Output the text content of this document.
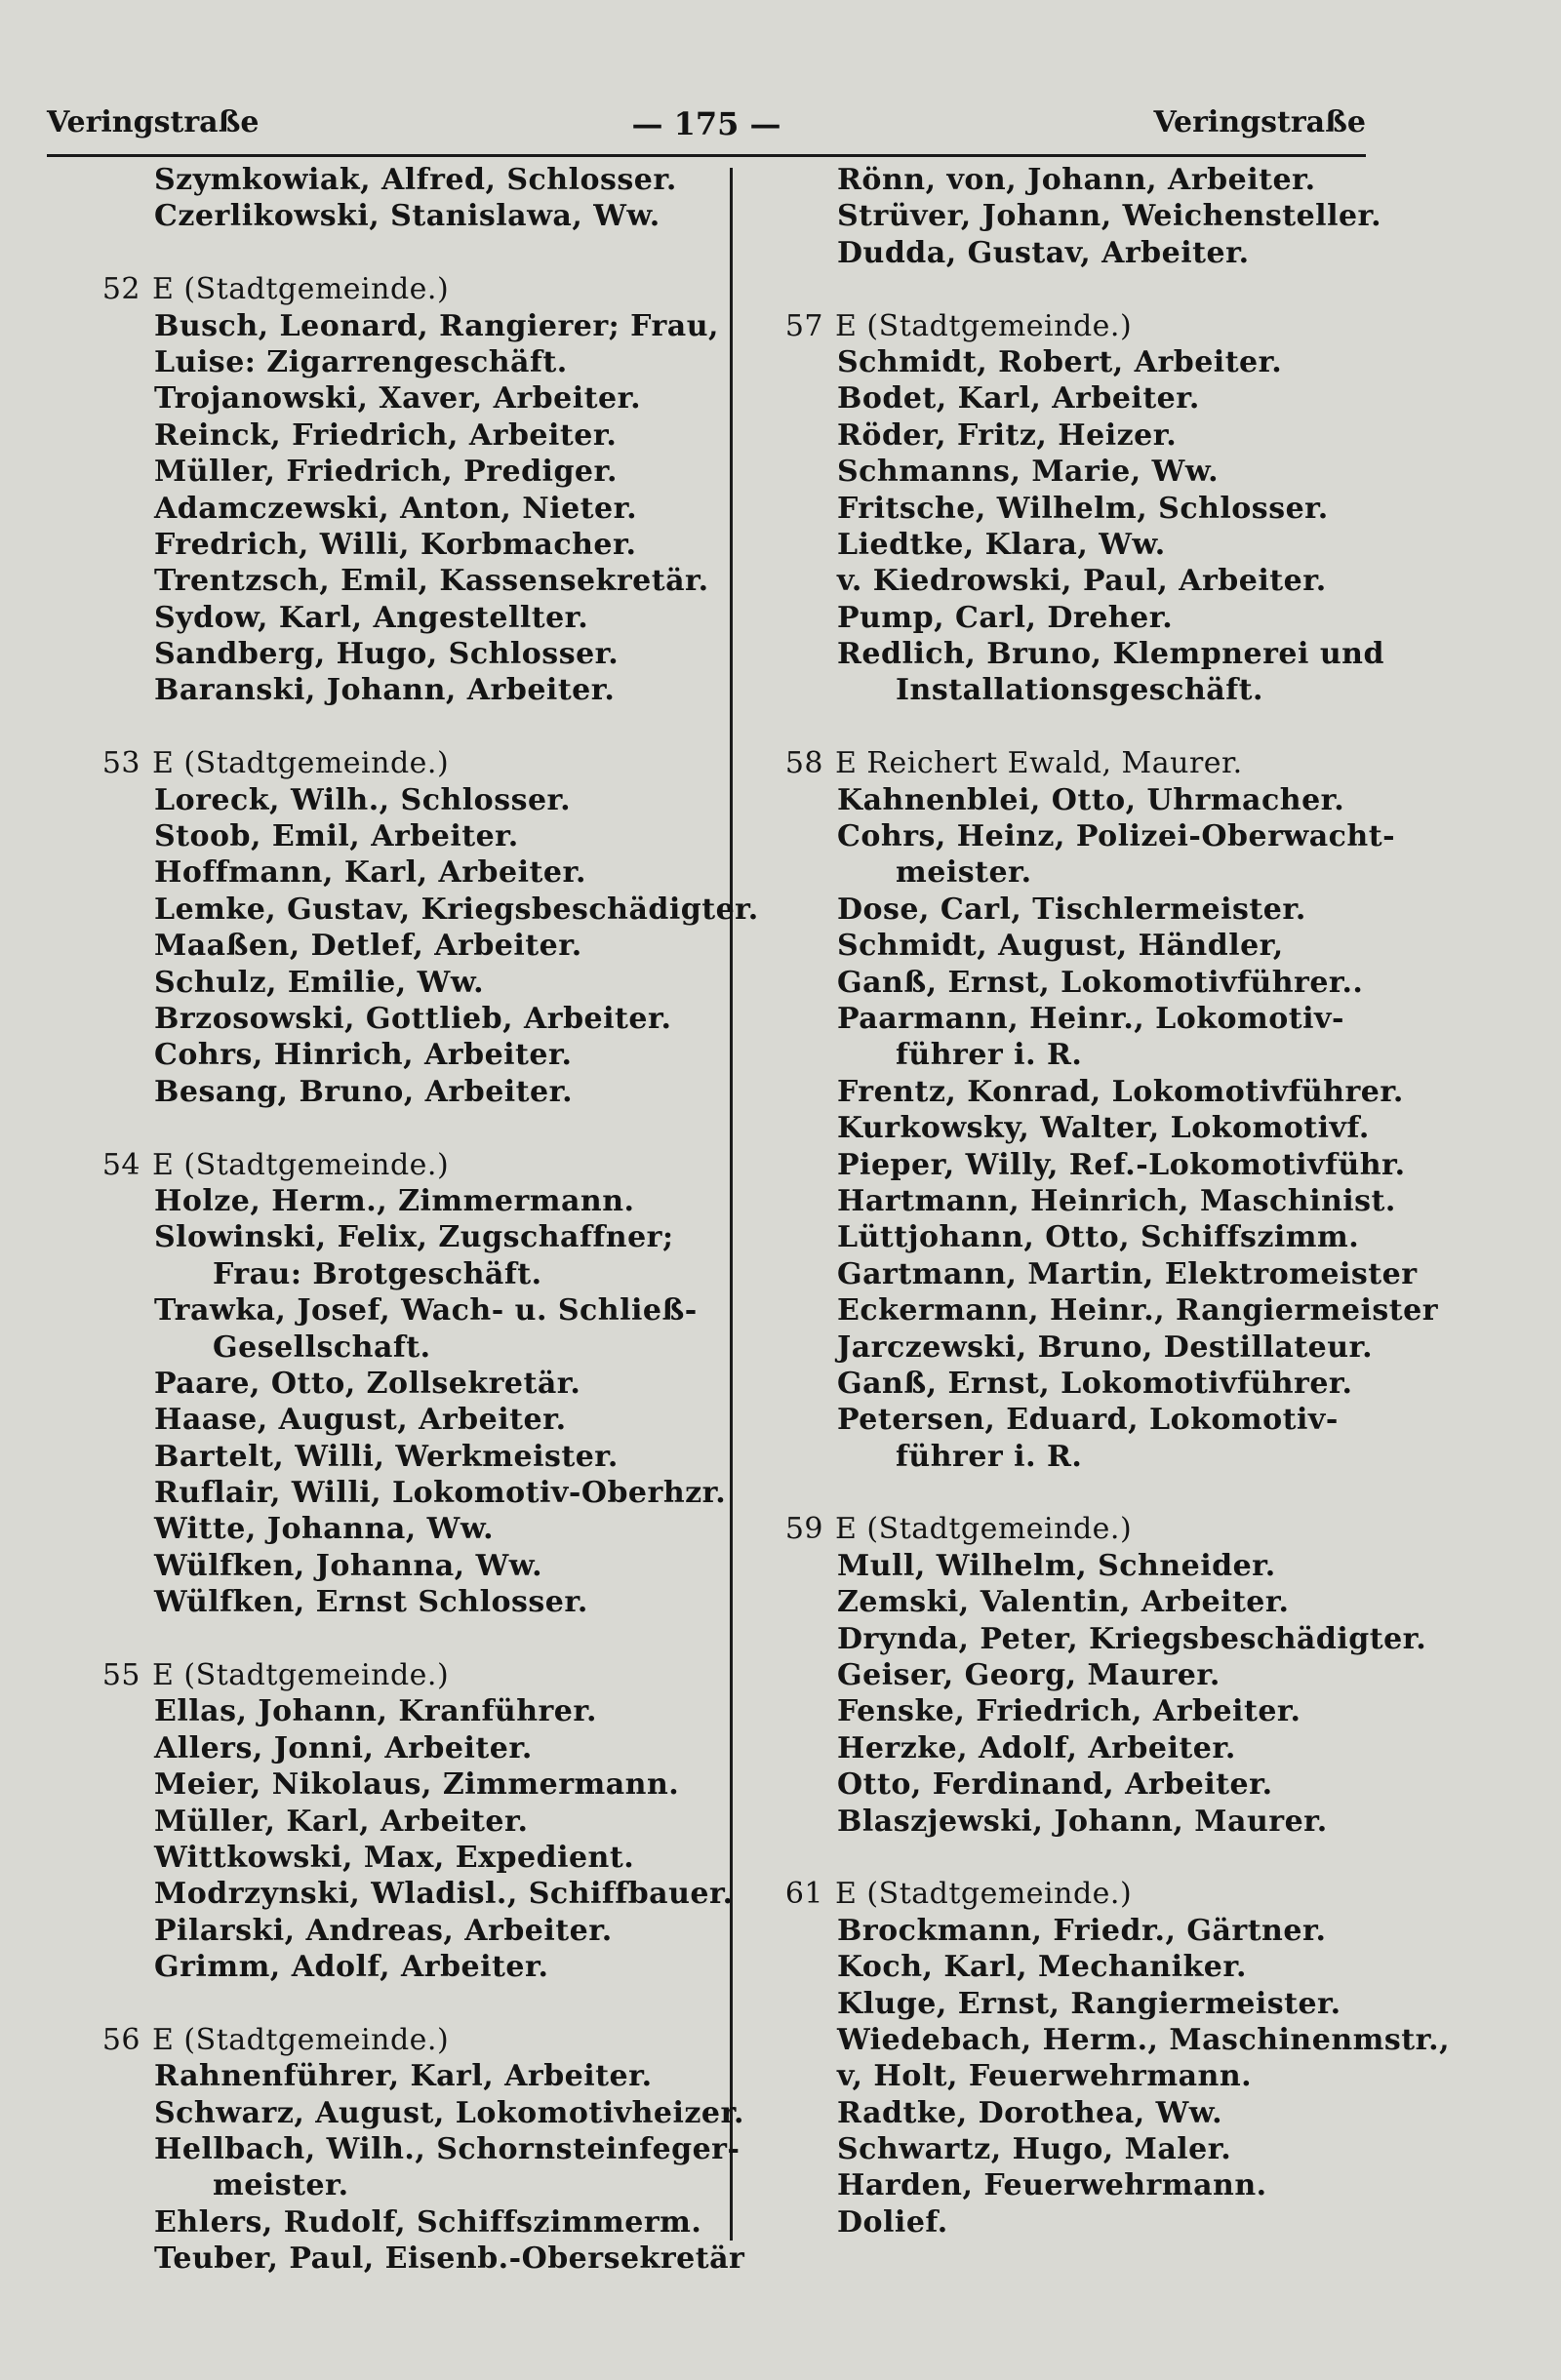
— 175 —
Veringstraße	Veringstraße
Szymkowiak, Alfred, Schlosser.
Czerlikowski, Stanislawa, Ww.
52 E (Stadtgemeinde.)
Busch, Leonard, Rangierer; Frau,
Luise: Zigarrengeschäft.
Trojanowski, Xaver, Arbeiter.
Reinck, Friedrich, Arbeiter.
Müller, Friedrich, Prediger.
Adamczewski, Anton, Nieter.
Fredrich, Willi, Korbmacher.
Trentzsch, Emil, Kassensekretär.
Sydow, Karl, Angestellter.
Sandberg, Hugo, Schlosser.
Baranski, Johann, Arbeiter.
53 E (Stadtgemeinde.)
Loreck, Wilh., Schlosser.
Stoob, Emil, Arbeiter.
Hoffmann, Karl, Arbeiter.
Lemke, Gustav, Kriegsbeschädigter.
Maaßen, Detlef, Arbeiter.
Schulz, Emilie, Ww.
Brzosowski, Gottlieb, Arbeiter.
Cohrs, Hinrich, Arbeiter.
Besang, Bruno, Arbeiter.
54 E (Stadtgemeinde.)
Holze, Herm., Zimmermann.
Slowinski, Felix, Zugschaffner;
Frau: Brotgeschäft.
Trawka, Josef, Wach- u. Schließ-
Gesellschaft.
Paare, Otto, Zollsekretär.
Haase, August, Arbeiter.
Bartelt, Willi, Werkmeister.
Ruflair, Willi, Lokomotiv-Oberhzr.
Witte, Johanna, Ww.
Wülfken, Johanna, Ww.
Wülfken, Ernst Schlosser.
55 E (Stadtgemeinde.)
Ellas, Johann, Kranführer.
Allers, Jonni, Arbeiter.
Meier, Nikolaus, Zimmermann.
Müller, Karl, Arbeiter.
Wittkowski, Max, Expedient.
Modrzynski, Wladisl., Schiffbauer.
Pilarski, Andreas, Arbeiter.
Grimm, Adolf, Arbeiter.
56 E (Stadtgemeinde.)
Rahnenführer, Karl, Arbeiter.
Schwarz, August, Lokomotivheizer.
Hellbach, Wilh., Schornsteinfeger-
meister.
Ehlers, Rudolf, Schiffszimmerm.
Teuber, Paul, Eisenb.-Obersekretär
Rönn, von, Johann, Arbeiter.
Strüver, Johann, Weichensteller.
Dudda, Gustav, Arbeiter.
57 E (Stadtgemeinde.)
Schmidt, Robert, Arbeiter.
Bodet, Karl, Arbeiter.
Röder, Fritz, Heizer.
Schmanns, Marie, Ww.
Fritsche, Wilhelm, Schlosser.
Liedtke, Klara, Ww.
v. Kiedrowski, Paul, Arbeiter.
Pump, Carl, Dreher.
Redlich, Bruno, Klempnerei und
Installationsgeschäft.
58 E Reichert Ewald, Maurer.
Kahnenblei, Otto, Uhrmacher.
Cohrs, Heinz, Polizei-Oberwacht-
meister.
Dose, Carl, Tischlermeister.
Schmidt, August, Händler,
Ganß, Ernst, Lokomotivführer..
Paarmann, Heinr., Lokomotiv-
führer i. R.
Frentz, Konrad, Lokomotivführer.
Kurkowsky, Walter, Lokomotivf.
Pieper, Willy, Ref.-Lokomotivführ.
Hartmann, Heinrich, Maschinist.
Lüttjohann, Otto, Schiffszimm.
Gartmann, Martin, Elektromeister
Eckermann, Heinr., Rangiermeister
Jarczewski, Bruno, Destillateur.
Ganß, Ernst, Lokomotivführer.
Petersen, Eduard, Lokomotiv-
führer i. R.
59 E (Stadtgemeinde.)
Mull, Wilhelm, Schneider.
Zemski, Valentin, Arbeiter.
Drynda, Peter, Kriegsbeschädigter.
Geiser, Georg, Maurer.
Fenske, Friedrich, Arbeiter.
Herzke, Adolf, Arbeiter.
Otto, Ferdinand, Arbeiter.
Blaszjewski, Johann, Maurer.
61 E (Stadtgemeinde.)
Brockmann, Friedr., Gärtner.
Koch, Karl, Mechaniker.
Kluge, Ernst, Rangiermeister.
Wiedebach, Herm., Maschinenmstr.,
v, Holt, Feuerwehrmann.
Radtke, Dorothea, Ww.
Schwartz, Hugo, Maler.
Harden, Feuerwehrmann.
Dolief.
